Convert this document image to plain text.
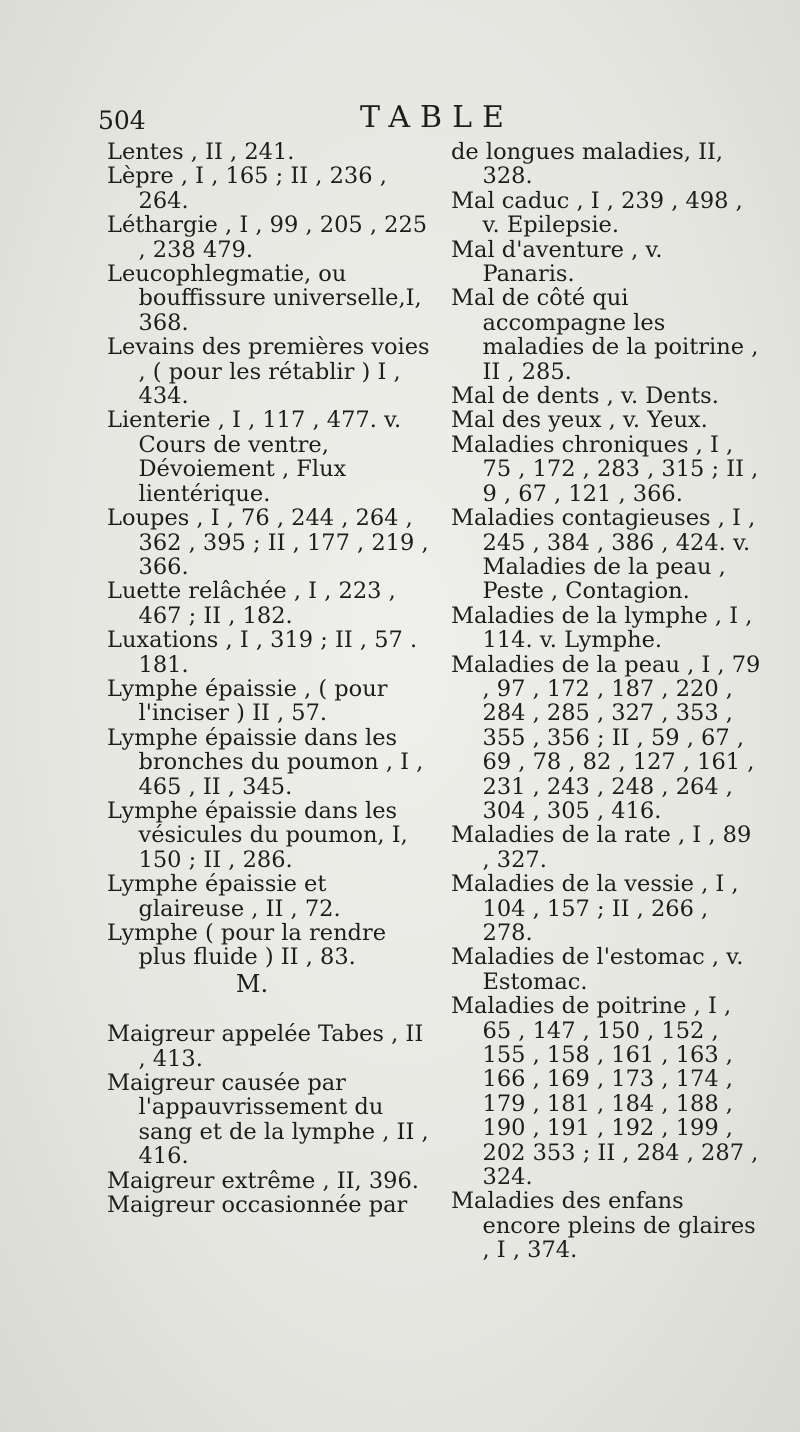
504	TABLE

Lentes , II , 241.

Lèpre , I , 165 ; II , 236 , 264.

Léthargie , I , 99 , 205 , 225 , 238 479.

Leucophlegmatie, ou bouffissure universelle,I, 368.

Levains des premières voies , ( pour les rétablir ) I , 434.

Lienterie , I , 117 , 477. v. Cours de ventre, Dévoiement , Flux lientérique.

Loupes , I , 76 , 244 , 264 , 362 , 395 ; II , 177 , 219 , 366.

Luette relâchée , I , 223 , 467 ; II , 182.

Luxations , I , 319 ; II , 57 . 181.

Lymphe épaissie , ( pour l'inciser ) II , 57.

Lymphe épaissie dans les bronches du poumon , I , 465 , II , 345.

Lymphe épaissie dans les vésicules du poumon, I, 150 ; II , 286.

Lymphe épaissie et glaireuse , II , 72.

Lymphe ( pour la rendre plus fluide ) II , 83.

M.

Maigreur appelée Tabes , II , 413.

Maigreur causée par l'appauvrissement du sang et de la lymphe , II , 416.

Maigreur extrême , II, 396.

Maigreur occasionnée par

de longues maladies, II, 328.

Mal caduc , I , 239 , 498 , v. Epilepsie.

Mal d'aventure , v. Panaris.

Mal de côté qui accompagne les maladies de la poitrine , II , 285.

Mal de dents , v. Dents.

Mal des yeux , v. Yeux.

Maladies chroniques , I , 75 , 172 , 283 , 315 ; II , 9 , 67 , 121 , 366.

Maladies contagieuses , I , 245 , 384 , 386 , 424. v. Maladies de la peau , Peste , Contagion.

Maladies de la lymphe , I , 114. v. Lymphe.

Maladies de la peau , I , 79 , 97 , 172 , 187 , 220 , 284 , 285 , 327 , 353 , 355 , 356 ; II , 59 , 67 , 69 , 78 , 82 , 127 , 161 , 231 , 243 , 248 , 264 , 304 , 305 , 416.

Maladies de la rate , I , 89 , 327.

Maladies de la vessie , I , 104 , 157 ; II , 266 , 278.

Maladies de l'estomac , v. Estomac.

Maladies de poitrine , I , 65 , 147 , 150 , 152 , 155 , 158 , 161 , 163 , 166 , 169 , 173 , 174 , 179 , 181 , 184 , 188 , 190 , 191 , 192 , 199 , 202 353 ; II , 284 , 287 , 324.

Maladies des enfans encore pleins de glaires , I , 374.
